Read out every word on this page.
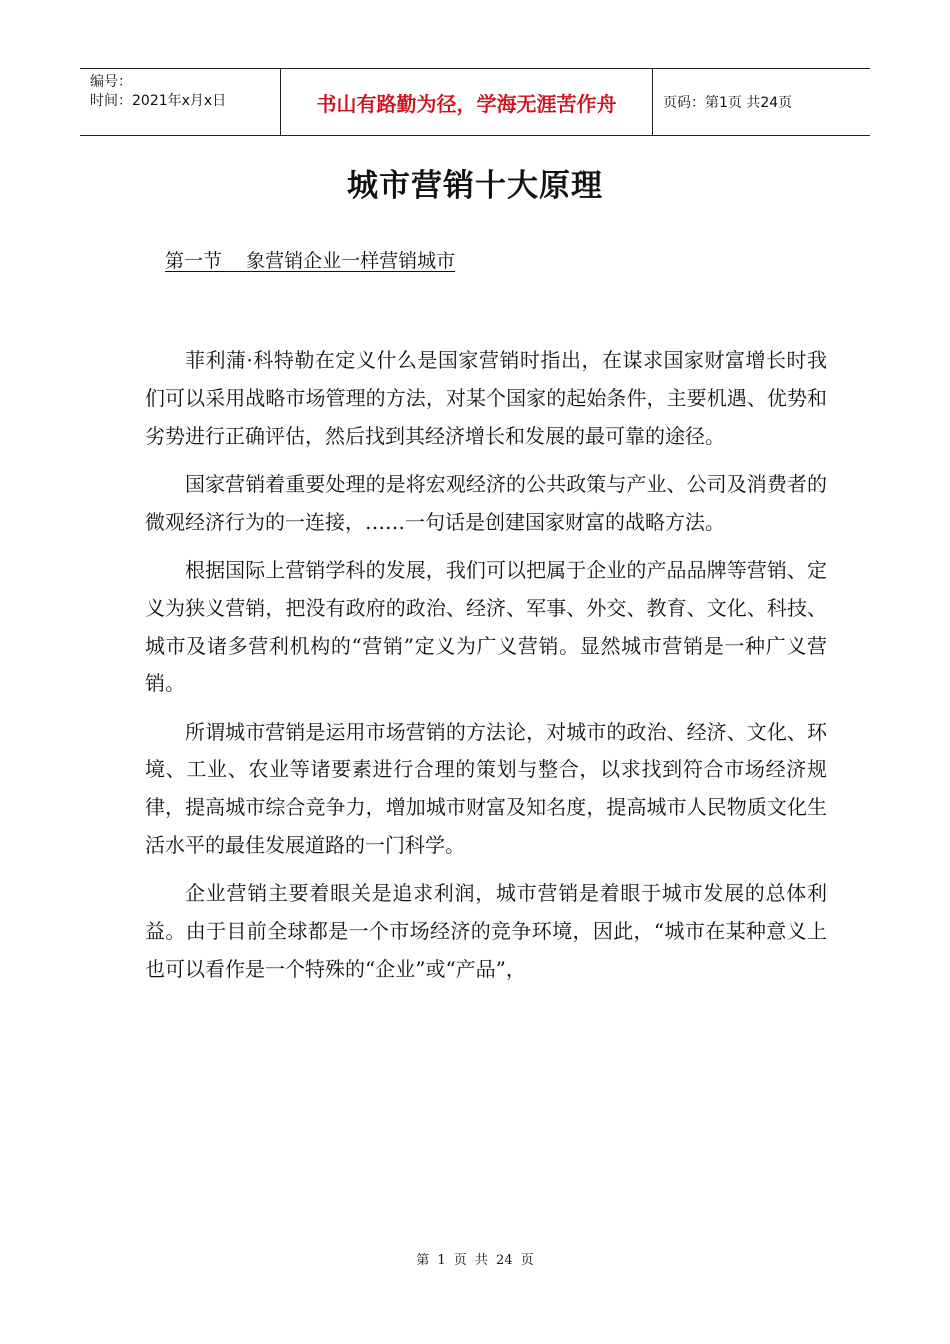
编号：
时间：2021年x月x日	书山有路勤为径，学海无涯苦作舟	页码：第1页 共24页
城市营销十大原理
第一节    象营销企业一样营销城市

菲利蒲·科特勒在定义什么是国家营销时指出，在谋求国家财富增长时我们可以采用战略市场管理的方法，对某个国家的起始条件，主要机遇、优势和劣势进行正确评估，然后找到其经济增长和发展的最可靠的途径。

国家营销着重要处理的是将宏观经济的公共政策与产业、公司及消费者的微观经济行为的一连接，……一句话是创建国家财富的战略方法。

根据国际上营销学科的发展，我们可以把属于企业的产品品牌等营销、定义为狭义营销，把没有政府的政治、经济、军事、外交、教育、文化、科技、城市及诸多营利机构的“营销”定义为广义营销。显然城市营销是一种广义营销。

所谓城市营销是运用市场营销的方法论，对城市的政治、经济、文化、环境、工业、农业等诸要素进行合理的策划与整合，以求找到符合市场经济规律，提高城市综合竞争力，增加城市财富及知名度，提高城市人民物质文化生活水平的最佳发展道路的一门科学。

企业营销主要着眼关是追求利润，城市营销是着眼于城市发展的总体利益。由于目前全球都是一个市场经济的竞争环境，因此，“城市在某种意义上也可以看作是一个特殊的“企业”或“产品”，

第 1 页 共 24 页
